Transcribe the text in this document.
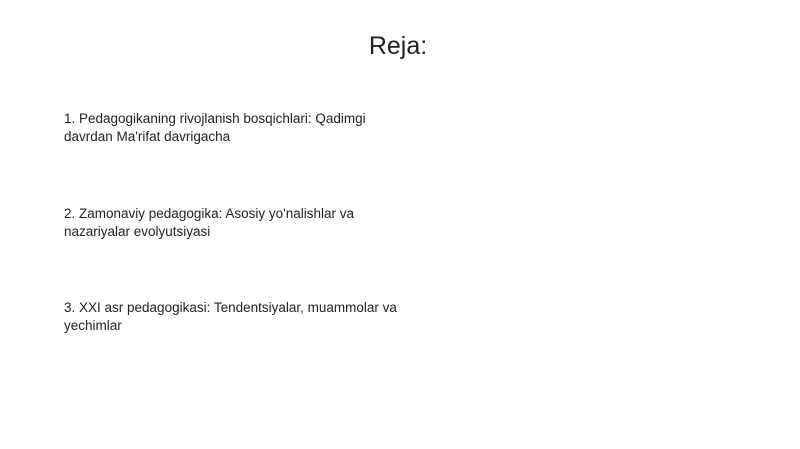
Reja:
1. Pedagogikaning rivojlanish bosqichlari: Qadimgi davrdan Ma'rifat davrigacha
2. Zamonaviy pedagogika: Asosiy yo'nalishlar va nazariyalar evolyutsiyasi
3. XXI asr pedagogikasi: Tendentsiyalar, muammolar va yechimlar
